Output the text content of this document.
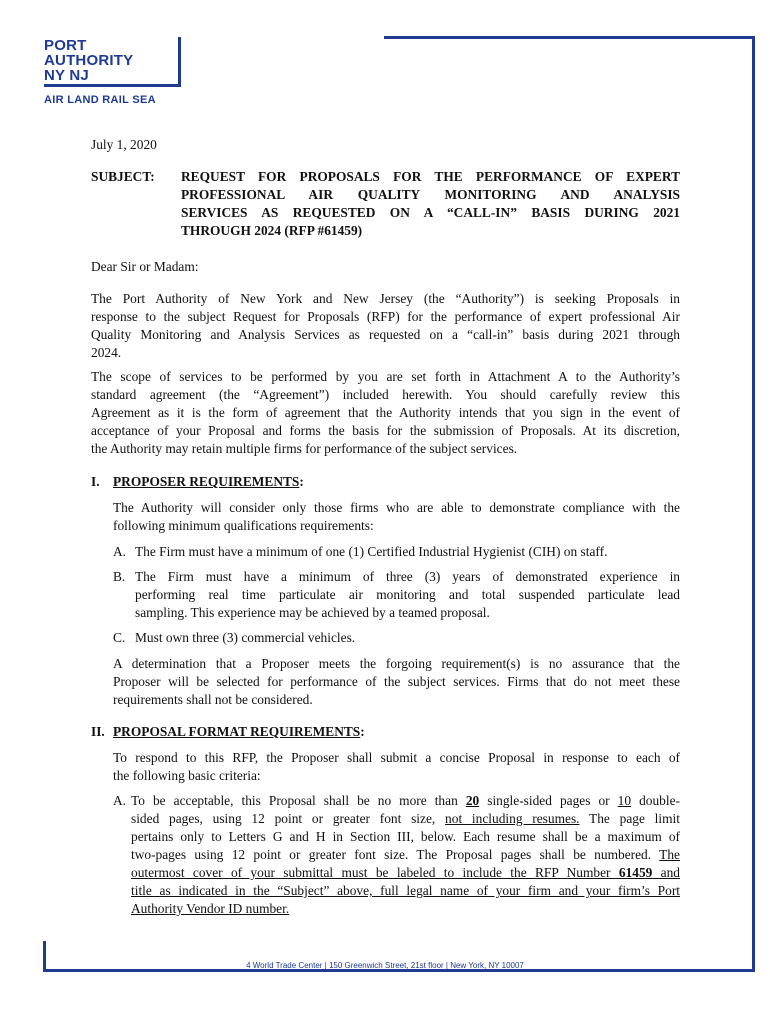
PORT
AUTHORITY
NY NJ
AIR LAND RAIL SEA
July 1, 2020
SUBJECT: REQUEST FOR PROPOSALS FOR THE PERFORMANCE OF EXPERT
PROFESSIONAL AIR QUALITY MONITORING AND ANALYSIS
SERVICES AS REQUESTED ON A “CALL-IN” BASIS DURING 2021
THROUGH 2024 (RFP #61459)
Dear Sir or Madam:
The Port Authority of New York and New Jersey (the “Authority”) is seeking Proposals in
response to the subject Request for Proposals (RFP) for the performance of expert professional Air
Quality Monitoring and Analysis Services as requested on a “call-in” basis during 2021 through
2024.
The scope of services to be performed by you are set forth in Attachment A to the Authority’s
standard agreement (the “Agreement”) included herewith. You should carefully review this
Agreement as it is the form of agreement that the Authority intends that you sign in the event of
acceptance of your Proposal and forms the basis for the submission of Proposals. At its discretion,
the Authority may retain multiple firms for performance of the subject services.
I. PROPOSER REQUIREMENTS:
The Authority will consider only those firms who are able to demonstrate compliance with the
following minimum qualifications requirements:
A. The Firm must have a minimum of one (1) Certified Industrial Hygienist (CIH) on staff.
B. The Firm must have a minimum of three (3) years of demonstrated experience in
performing real time particulate air monitoring and total suspended particulate lead
sampling. This experience may be achieved by a teamed proposal.
C. Must own three (3) commercial vehicles.
A determination that a Proposer meets the forgoing requirement(s) is no assurance that the
Proposer will be selected for performance of the subject services. Firms that do not meet these
requirements shall not be considered.
II. PROPOSAL FORMAT REQUIREMENTS:
To respond to this RFP, the Proposer shall submit a concise Proposal in response to each of
the following basic criteria:
A. To be acceptable, this Proposal shall be no more than 20 single-sided pages or 10 double-
sided pages, using 12 point or greater font size, not including resumes. The page limit
pertains only to Letters G and H in Section III, below. Each resume shall be a maximum of
two-pages using 12 point or greater font size. The Proposal pages shall be numbered. The
outermost cover of your submittal must be labeled to include the RFP Number 61459 and
title as indicated in the “Subject” above, full legal name of your firm and your firm’s Port
Authority Vendor ID number.
4 World Trade Center | 150 Greenwich Street, 21st floor | New York, NY 10007
